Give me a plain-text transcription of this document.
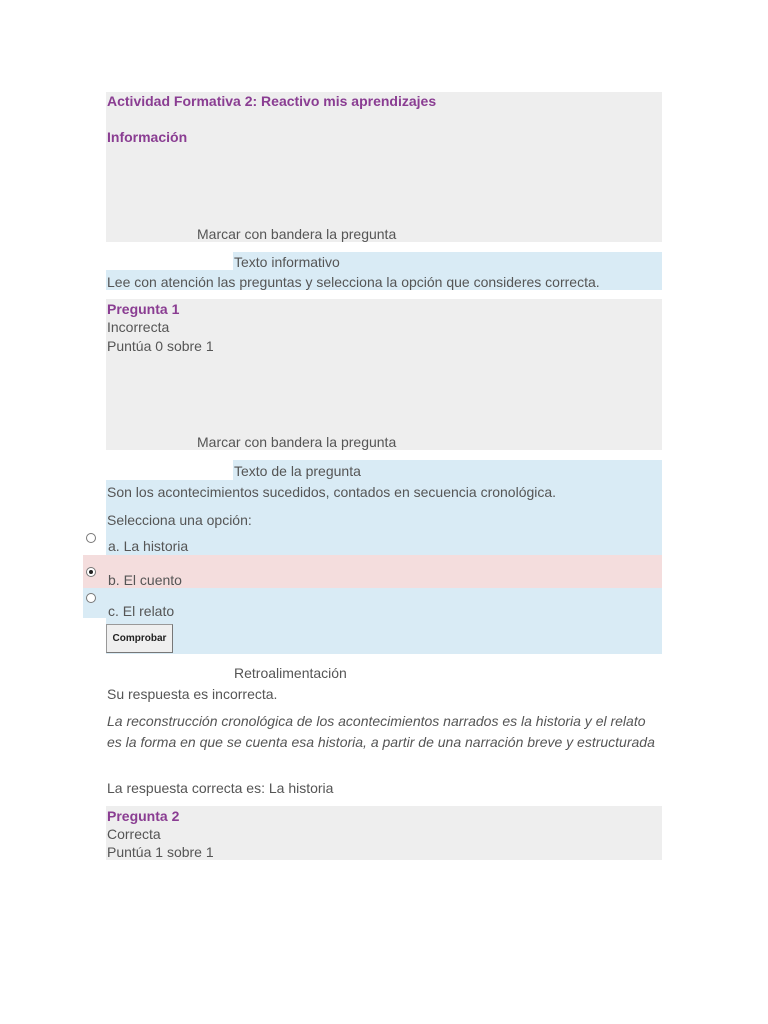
Actividad Formativa 2: Reactivo mis aprendizajes
Información
Marcar con bandera la pregunta
Texto informativo
Lee con atención las preguntas y selecciona la opción que consideres correcta.
Pregunta 1
Incorrecta
Puntúa 0 sobre 1
Marcar con bandera la pregunta
Texto de la pregunta
Son los acontecimientos sucedidos, contados en secuencia cronológica.
Selecciona una opción:
a. La historia
b. El cuento
c. El relato
Comprobar
Retroalimentación
Su respuesta es incorrecta.
La reconstrucción cronológica de los acontecimientos narrados es la historia y el relato es la forma en que se cuenta esa historia, a partir de una narración breve y estructurada
La respuesta correcta es: La historia
Pregunta 2
Correcta
Puntúa 1 sobre 1
